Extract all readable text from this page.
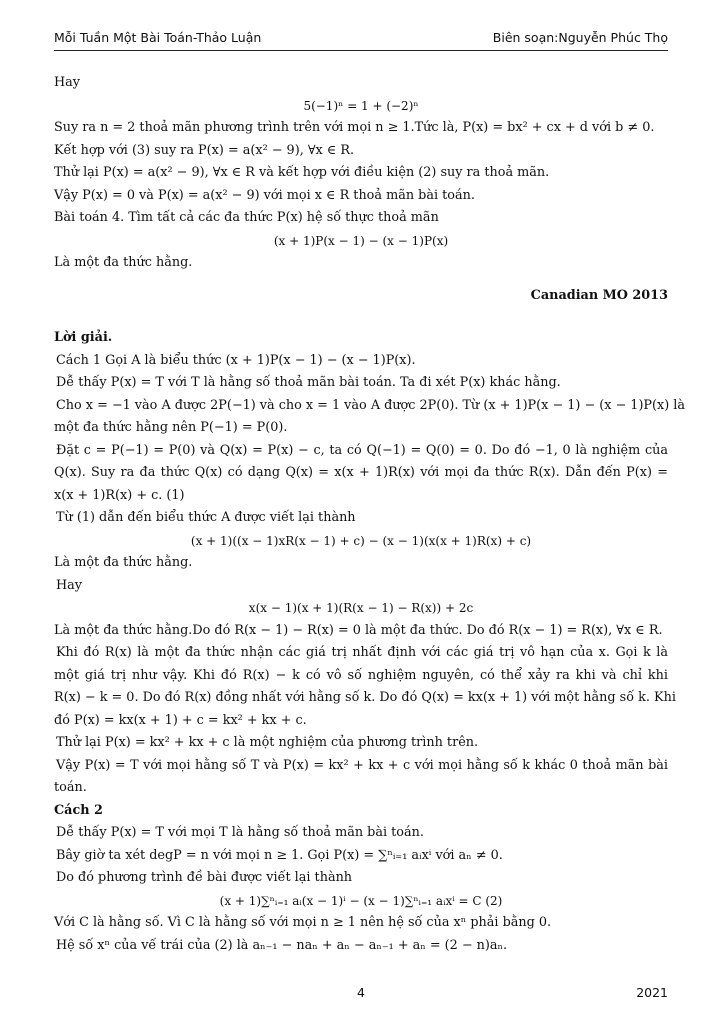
Mỗi Tuần Một Bài Toán-Thảo Luận	Biên soạn:Nguyễn Phúc Thọ
Hay
5(−1)ⁿ = 1 + (−2)ⁿ
Suy ra n = 2 thoả mãn phương trình trên với mọi n ≥ 1.Tức là, P(x) = bx² + cx + d với b ≠ 0.
Kết hợp với (3) suy ra P(x) = a(x² − 9), ∀x ∈ R.
Thử lại P(x) = a(x² − 9), ∀x ∈ R và kết hợp với điều kiện (2) suy ra thoả mãn.
Vậy P(x) = 0 và P(x) = a(x² − 9) với mọi x ∈ R thoả mãn bài toán.
Bài toán 4. Tìm tất cả các đa thức P(x) hệ số thực thoả mãn
(x + 1)P(x − 1) − (x − 1)P(x)
Là một đa thức hằng.
Canadian MO 2013
Lời giải.
Cách 1 Gọi A là biểu thức (x + 1)P(x − 1) − (x − 1)P(x).
Dễ thấy P(x) = T với T là hằng số thoả mãn bài toán. Ta đi xét P(x) khác hằng.
Cho x = −1 vào A được 2P(−1) và cho x = 1 vào A được 2P(0). Từ (x + 1)P(x − 1) − (x − 1)P(x) là
một đa thức hằng nên P(−1) = P(0).
Đặt c = P(−1) = P(0) và Q(x) = P(x) − c, ta có Q(−1) = Q(0) = 0. Do đó −1, 0 là nghiệm của
Q(x). Suy ra đa thức Q(x) có dạng Q(x) = x(x + 1)R(x) với mọi đa thức R(x). Dẫn đến P(x) =
x(x + 1)R(x) + c. (1)
Từ (1) dẫn đến biểu thức A được viết lại thành
(x + 1)((x − 1)xR(x − 1) + c) − (x − 1)(x(x + 1)R(x) + c)
Là một đa thức hằng.
Hay
x(x − 1)(x + 1)(R(x − 1) − R(x)) + 2c
Là một đa thức hằng.Do đó R(x − 1) − R(x) = 0 là một đa thức. Do đó R(x − 1) = R(x), ∀x ∈ R.
Khi đó R(x) là một đa thức nhận các giá trị nhất định với các giá trị vô hạn của x. Gọi k là
một giá trị như vậy. Khi đó R(x) − k có vô số nghiệm nguyên, có thể xảy ra khi và chỉ khi
R(x) − k = 0. Do đó R(x) đồng nhất với hằng số k. Do đó Q(x) = kx(x + 1) với một hằng số k. Khi
đó P(x) = kx(x + 1) + c = kx² + kx + c.
Thử lại P(x) = kx² + kx + c là một nghiệm của phương trình trên.
Vậy P(x) = T với mọi hằng số T và P(x) = kx² + kx + c với mọi hằng số k khác 0 thoả mãn bài
toán.
Cách 2
Dễ thấy P(x) = T với mọi T là hằng số thoả mãn bài toán.
Bây giờ ta xét degP = n với mọi n ≥ 1. Gọi P(x) = ∑ⁿᵢ₌₁ aᵢxⁱ với aₙ ≠ 0.
Do đó phương trình đề bài được viết lại thành
(x + 1)∑ⁿᵢ₌₁ aᵢ(x − 1)ⁱ − (x − 1)∑ⁿᵢ₌₁ aᵢxⁱ = C (2)
Với C là hằng số. Vì C là hằng số với mọi n ≥ 1 nên hệ số của xⁿ phải bằng 0.
Hệ số xⁿ của vế trái của (2) là aₙ₋₁ − naₙ + aₙ − aₙ₋₁ + aₙ = (2 − n)aₙ.
4	2021
